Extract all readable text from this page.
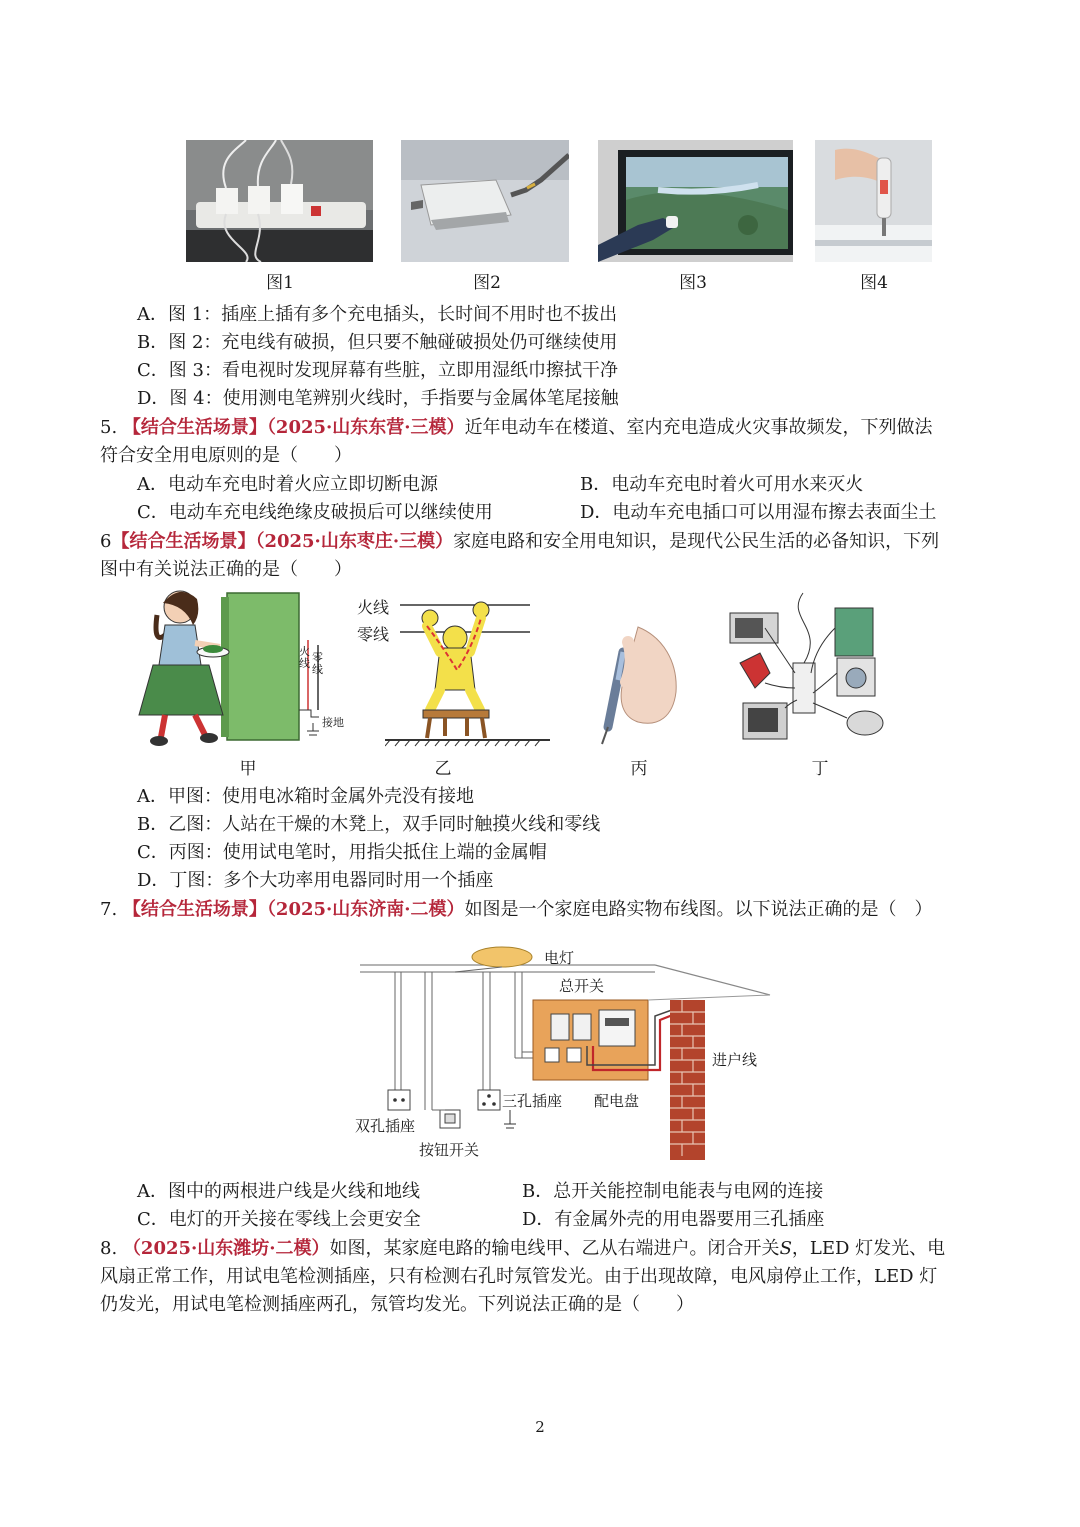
图1	图2	图3	图4
A．图 1：插座上插有多个充电插头，长时间不用时也不拔出
B．图 2：充电线有破损，但只要不触碰破损处仍可继续使用
C．图 3：看电视时发现屏幕有些脏，立即用湿纸巾擦拭干净
D．图 4：使用测电笔辨别火线时，手指要与金属体笔尾接触
5. 【结合生活场景】（2025·山东东营·三模）近年电动车在楼道、室内充电造成火灾事故频发，下列做法
符合安全用电原则的是（　　）
A．电动车充电时着火应立即切断电源	B．电动车充电时着火可用水来灭火
C．电动车充电线绝缘皮破损后可以继续使用	D．电动车充电插口可以用湿布擦去表面尘土
6【结合生活场景】（2025·山东枣庄·三模）家庭电路和安全用电知识，是现代公民生活的必备知识，下列
图中有关说法正确的是（　　）
火线 零线
接地
火线
零线
甲	乙	丙	丁
A．甲图：使用电冰箱时金属外壳没有接地
B．乙图：人站在干燥的木凳上，双手同时触摸火线和零线
C．丙图：使用试电笔时，用指尖抵住上端的金属帽
D．丁图：多个大功率用电器同时用一个插座
7. 【结合生活场景】（2025·山东济南·二模）如图是一个家庭电路实物布线图。以下说法正确的是（　）
电灯
总开关
进户线
三孔插座 配电盘
双孔插座
按钮开关
A．图中的两根进户线是火线和地线	B．总开关能控制电能表与电网的连接
C．电灯的开关接在零线上会更安全	D．有金属外壳的用电器要用三孔插座
8. （2025·山东潍坊·二模）如图，某家庭电路的输电线甲、乙从右端进户。闭合开关S，LED 灯发光、电
风扇正常工作，用试电笔检测插座，只有检测右孔时氖管发光。由于出现故障，电风扇停止工作，LED 灯
仍发光，用试电笔检测插座两孔，氖管均发光。下列说法正确的是（　　）
2
